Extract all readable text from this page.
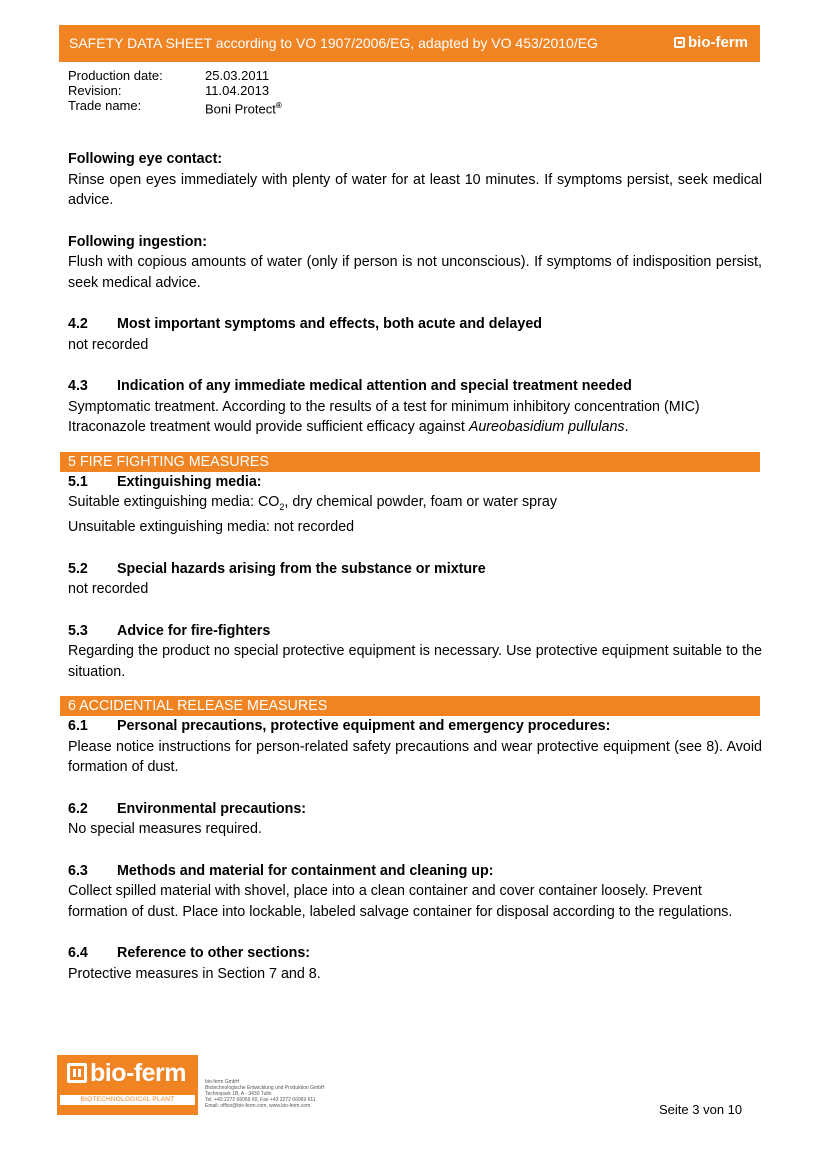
SAFETY DATA SHEET according to VO 1907/2006/EG, adapted by VO 453/2010/EG	bio-ferm
Production date:	25.03.2011
Revision:	11.04.2013
Trade name:	Boni Protect®
Following eye contact:
Rinse open eyes immediately with plenty of water for at least 10 minutes. If symptoms persist, seek medical advice.
Following ingestion:
Flush with copious amounts of water (only if person is not unconscious). If symptoms of indisposition persist, seek medical advice.
4.2	Most important symptoms and effects, both acute and delayed
not recorded
4.3	Indication of any immediate medical attention and special treatment needed
Symptomatic treatment. According to the results of a test for minimum inhibitory concentration (MIC)
Itraconazole treatment would provide sufficient efficacy against Aureobasidium pullulans.
5 FIRE FIGHTING MEASURES
5.1	Extinguishing media:
Suitable extinguishing media: $CO_2$, dry chemical powder, foam or water spray
Unsuitable extinguishing media: not recorded
5.2	Special hazards arising from the substance or mixture
not recorded
5.3	Advice for fire-fighters
Regarding the product no special protective equipment is necessary. Use protective equipment suitable to the situation.
6 ACCIDENTIAL RELEASE MEASURES
6.1	Personal precautions, protective equipment and emergency procedures:
Please notice instructions for person-related safety precautions and wear protective equipment (see 8). Avoid formation of dust.
6.2	Environmental precautions:
No special measures required.
6.3	Methods and material for containment and cleaning up:
Collect spilled material with shovel, place into a clean container and cover container loosely. Prevent formation of dust. Place into lockable, labeled salvage container for disposal according to the regulations.
6.4	Reference to other sections:
Protective measures in Section 7 and 8.
bio-ferm
BIOTECHNOLOGICAL PLANT PROTECTION
bio-ferm GmbH
Biotechnologische Entwicklung und Produktion GmbH
Technopark 1B, A - 3430 Tulln
Tel. +43 2272 66069 60, Fax +43 2272 66069 611
Email: office@bio-ferm.com, www.bio-ferm.com	Seite 3 von 10
